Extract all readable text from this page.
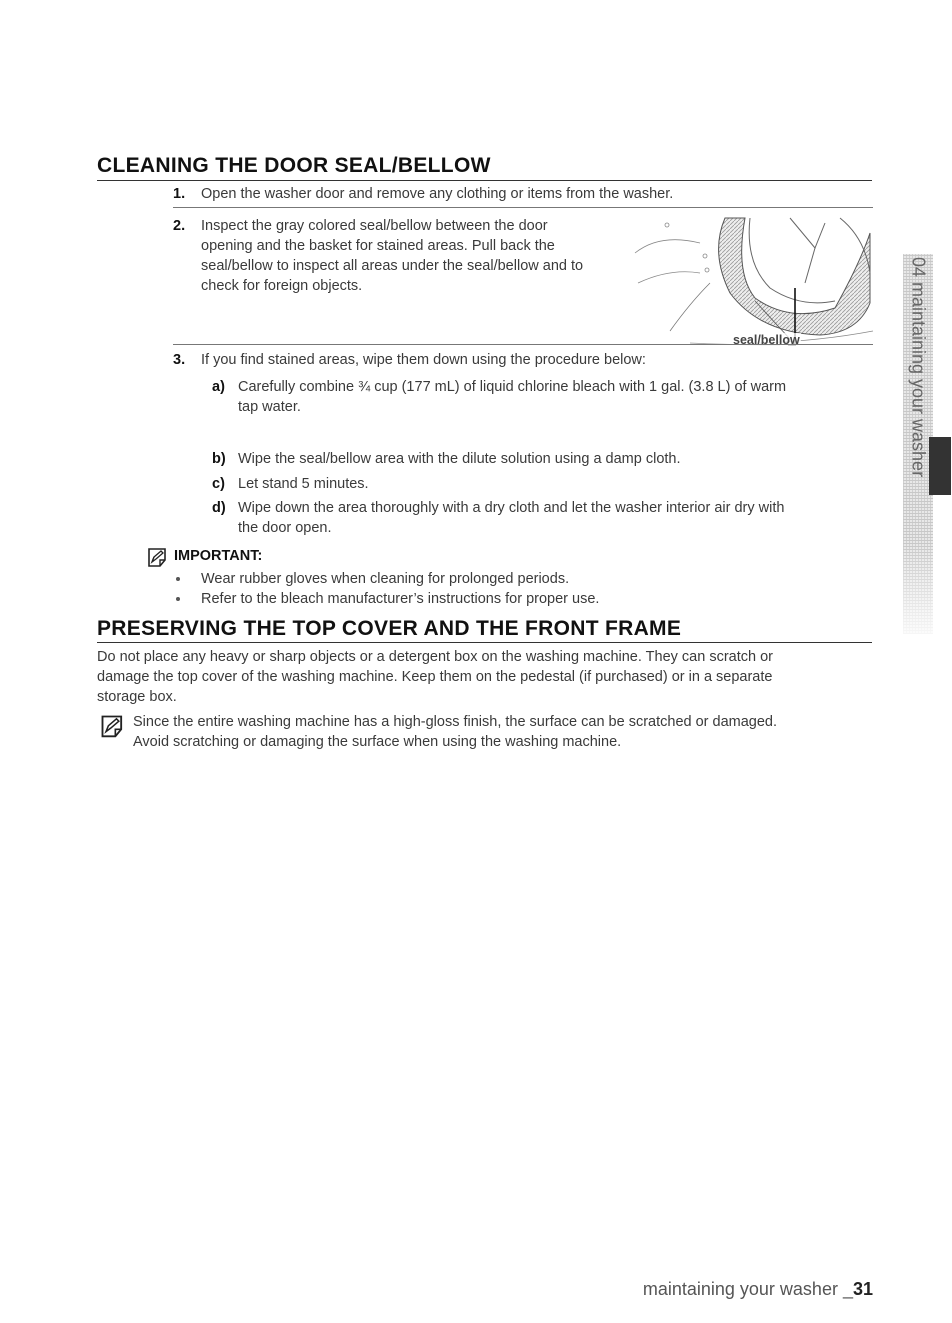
CLEANING THE DOOR SEAL/BELLOW
1. Open the washer door and remove any clothing or items from the washer.
2. Inspect the gray colored seal/bellow between the door
opening and the basket for stained areas. Pull back the
seal/bellow to inspect all areas under the seal/bellow and to
check for foreign objects.
seal/bellow
3. If you find stained areas, wipe them down using the procedure below:
a) Carefully combine ¾ cup (177 mL) of liquid chlorine bleach with 1 gal. (3.8 L) of warm
tap water.
b) Wipe the seal/bellow area with the dilute solution using a damp cloth.
c) Let stand 5 minutes.
d) Wipe down the area thoroughly with a dry cloth and let the washer interior air dry with
the door open.
IMPORTANT:
Wear rubber gloves when cleaning for prolonged periods.
Refer to the bleach manufacturer’s instructions for proper use.
PRESERVING THE TOP COVER AND THE FRONT FRAME
Do not place any heavy or sharp objects or a detergent box on the washing machine. They can scratch or
damage the top cover of the washing machine. Keep them on the pedestal (if purchased) or in a separate
storage box.
Since the entire washing machine has a high-gloss finish, the surface can be scratched or damaged.
Avoid scratching or damaging the surface when using the washing machine.
04 maintaining your washer
maintaining your washer _31
